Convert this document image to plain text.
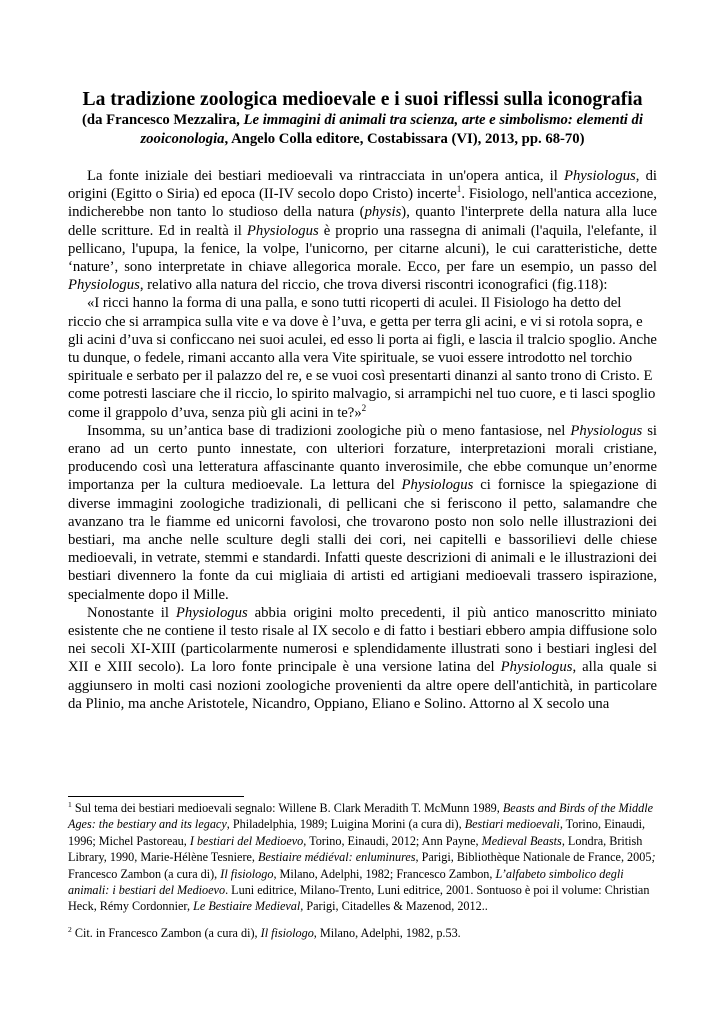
La tradizione zoologica medioevale e i suoi riflessi sulla iconografia
(da Francesco Mezzalira, Le immagini di animali tra scienza, arte e simbolismo: elementi di zooiconologia, Angelo Colla editore, Costabissara (VI), 2013, pp. 68-70)

La fonte iniziale dei bestiari medioevali va rintracciata in un'opera antica, il Physiologus, di origini (Egitto o Siria) ed epoca (II-IV secolo dopo Cristo) incerte$^1$. Fisiologo, nell'antica accezione, indicherebbe non tanto lo studioso della natura (physis), quanto l'interprete della natura alla luce delle scritture. Ed in realtà il Physiologus è proprio una rassegna di animali (l'aquila, l'elefante, il pellicano, l'upupa, la fenice, la volpe, l'unicorno, per citarne alcuni), le cui caratteristiche, dette ‘nature’, sono interpretate in chiave allegorica morale. Ecco, per fare un esempio, un passo del Physiologus, relativo alla natura del riccio, che trova diversi riscontri iconografici (fig.118):

«I ricci hanno la forma di una palla, e sono tutti ricoperti di aculei. Il Fisiologo ha detto del riccio che si arrampica sulla vite e va dove è l’uva, e getta per terra gli acini, e vi si rotola sopra, e gli acini d’uva si conficcano nei suoi aculei, ed esso li porta ai figli, e lascia il tralcio spoglio. Anche tu dunque, o fedele, rimani accanto alla vera Vite spirituale, se vuoi essere introdotto nel torchio spirituale e serbato per il palazzo del re, e se vuoi così presentarti dinanzi al santo trono di Cristo. E come potresti lasciare che il riccio, lo spirito malvagio, si arrampichi nel tuo cuore, e ti lasci spoglio come il grappolo d’uva, senza più gli acini in te?»$^2$

Insomma, su un’antica base di tradizioni zoologiche più o meno fantasiose, nel Physiologus si erano ad un certo punto innestate, con ulteriori forzature, interpretazioni morali cristiane, producendo così una letteratura affascinante quanto inverosimile, che ebbe comunque un’enorme importanza per la cultura medioevale. La lettura del Physiologus ci fornisce la spiegazione di diverse immagini zoologiche tradizionali, di pellicani che si feriscono il petto, salamandre che avanzano tra le fiamme ed unicorni favolosi, che trovarono posto non solo nelle illustrazioni dei bestiari, ma anche nelle sculture degli stalli dei cori, nei capitelli e bassorilievi delle chiese medioevali, in vetrate, stemmi e standardi. Infatti queste descrizioni di animali e le illustrazioni dei bestiari divennero la fonte da cui migliaia di artisti ed artigiani medioevali trassero ispirazione, specialmente dopo il Mille.

Nonostante il Physiologus abbia origini molto precedenti, il più antico manoscritto miniato esistente che ne contiene il testo risale al IX secolo e di fatto i bestiari ebbero ampia diffusione solo nei secoli XI-XIII (particolarmente numerosi e splendidamente illustrati sono i bestiari inglesi del XII e XIII secolo). La loro fonte principale è una versione latina del Physiologus, alla quale si aggiunsero in molti casi nozioni zoologiche provenienti da altre opere dell'antichità, in particolare da Plinio, ma anche Aristotele, Nicandro, Oppiano, Eliano e Solino. Attorno al X secolo una

$^1$ Sul tema dei bestiari medioevali segnalo: Willene B. Clark Meradith T. McMunn 1989, Beasts and Birds of the Middle Ages: the bestiary and its legacy, Philadelphia, 1989; Luigina Morini (a cura di), Bestiari medioevali, Torino, Einaudi, 1996; Michel Pastoreau, I bestiari del Medioevo, Torino, Einaudi, 2012; Ann Payne, Medieval Beasts, Londra, British Library, 1990, Marie-Hélène Tesniere, Bestiaire médiéval: enluminures, Parigi, Bibliothèque Nationale de France, 2005; Francesco Zambon (a cura di), Il fisiologo, Milano, Adelphi, 1982; Francesco Zambon, L’alfabeto simbolico degli animali: i bestiari del Medioevo. Luni editrice, Milano-Trento, Luni editrice, 2001. Sontuoso è poi il volume: Christian Heck, Rémy Cordonnier, Le Bestiaire Medieval, Parigi, Citadelles & Mazenod, 2012..

$^2$ Cit. in Francesco Zambon (a cura di), Il fisiologo, Milano, Adelphi, 1982, p.53.
